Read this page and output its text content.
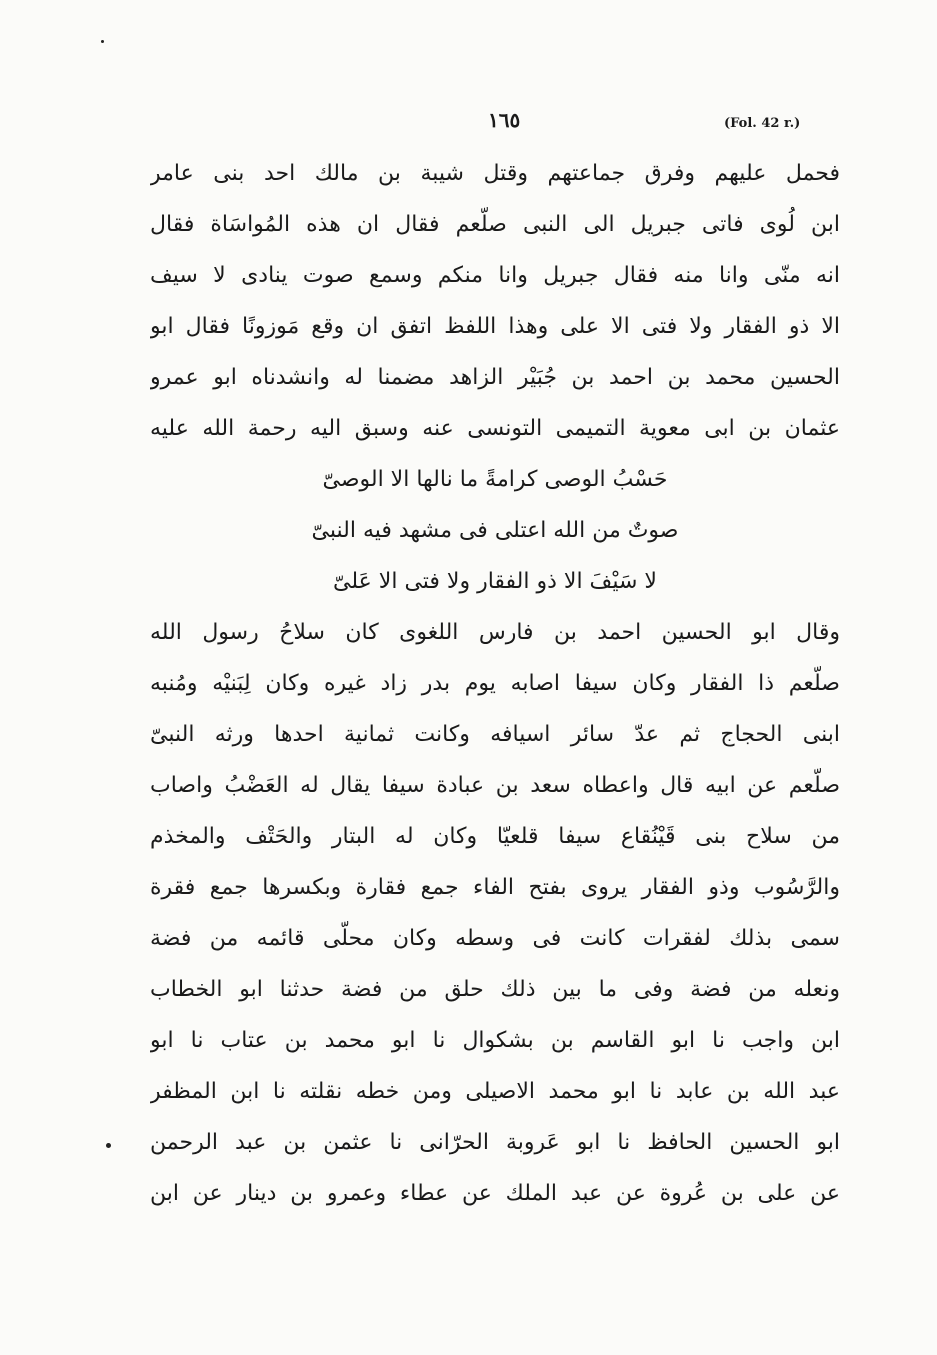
١٦٥	(Fol. 42 r.)
فحمل عليهم وفرق جماعتهم وقتل شيبة بن مالك احد بنى عامر
ابن لُوى فاتى جبريل الى النبى صلّعم فقال ان هذه المُواسَاة فقال
انه منّى وانا منه فقال جبريل وانا منكم وسمع صوت ينادى لا سيف
الا ذو الفقار ولا فتى الا على وهذا اللفظ اتفق ان وقع مَوزونًا فقال ابو
الحسين محمد بن احمد بن جُبَيْر الزاهد مضمنا له وانشدناه ابو عمرو
عثمان بن ابى معوية التميمى التونسى عنه وسبق اليه رحمة الله عليه
حَسْبُ الوصى كرامةً ما نالها الا الوصىّ
صوتٌ من الله اعتلى فى مشهد فيه النبىّ
لا سَيْفَ الا ذو الفقار ولا فتى الا عَلىّ
وقال ابو الحسين احمد بن فارس اللغوى كان سلاحُ رسول الله
صلّعم ذا الفقار وكان سيفا اصابه يوم بدر زاد غيره وكان لِبَنيْه ومُنبه
ابنى الحجاج ثم عدّ سائر اسيافه وكانت ثمانية احدها ورثه النبىّ
صلّعم عن ابيه قال واعطاه سعد بن عبادة سيفا يقال له العَضْبُ واصاب
من سلاح بنى قَيْنُقاع سيفا قلعيّا وكان له البتار والحَتْف والمخذم
والرَّسُوب وذو الفقار يروى بفتح الفاء جمع فقارة وبكسرها جمع فقرة
سمى بذلك لفقرات كانت فى وسطه وكان محلّى قائمه من فضة
ونعله من فضة وفى ما بين ذلك حلق من فضة حدثنا ابو الخطاب
ابن واجب نا ابو القاسم بن بشكوال نا ابو محمد بن عتاب نا ابو
عبد الله بن عابد نا ابو محمد الاصيلى ومن خطه نقلته نا ابن المظفر
ابو الحسين الحافظ نا ابو عَروبة الحرّانى نا عثمن بن عبد الرحمن
عن على بن عُروة عن عبد الملك عن عطاء وعمرو بن دينار عن ابن
